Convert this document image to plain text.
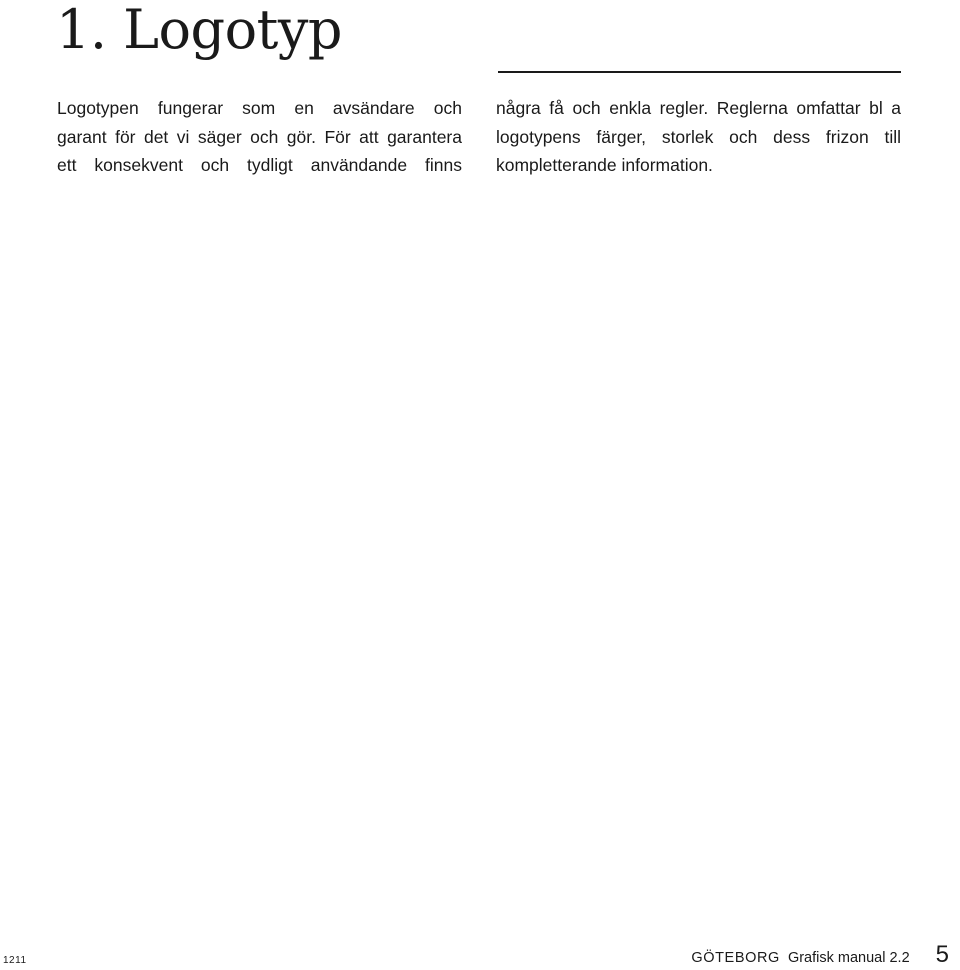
1. Logotyp

Logotypen fungerar som en avsändare och
garant för det vi säger och gör. För att garantera
ett konsekvent och tydligt användande finns

några få och enkla regler. Reglerna omfattar bl a
logotypens färger, storlek och dess frizon till
kompletterande information.

1211	GÖTEBORG Grafisk manual 2.2 5
